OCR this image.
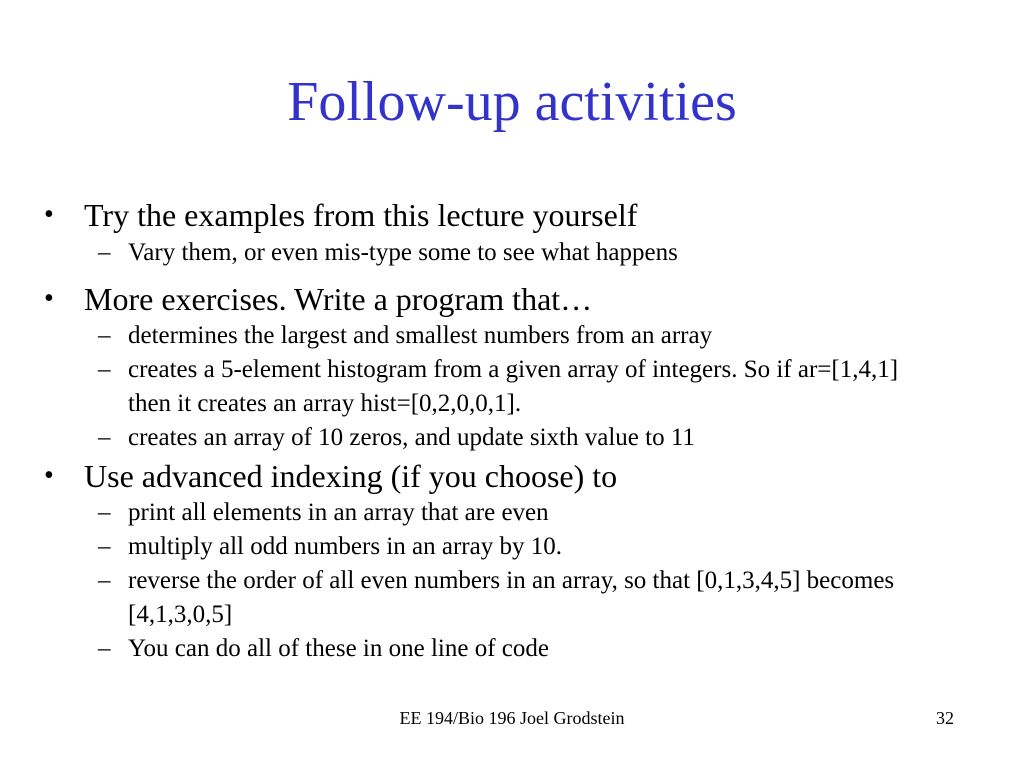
Follow-up activities
• Try the examples from this lecture yourself
– Vary them, or even mis-type some to see what happens
• More exercises. Write a program that…
– determines the largest and smallest numbers from an array
– creates a 5-element histogram from a given array of integers. So if ar=[1,4,1] then it creates an array hist=[0,2,0,0,1].
– creates an array of 10 zeros, and update sixth value to 11
• Use advanced indexing (if you choose) to
– print all elements in an array that are even
– multiply all odd numbers in an array by 10.
– reverse the order of all even numbers in an array, so that [0,1,3,4,5] becomes [4,1,3,0,5]
– You can do all of these in one line of code
EE 194/Bio 196 Joel Grodstein	32
